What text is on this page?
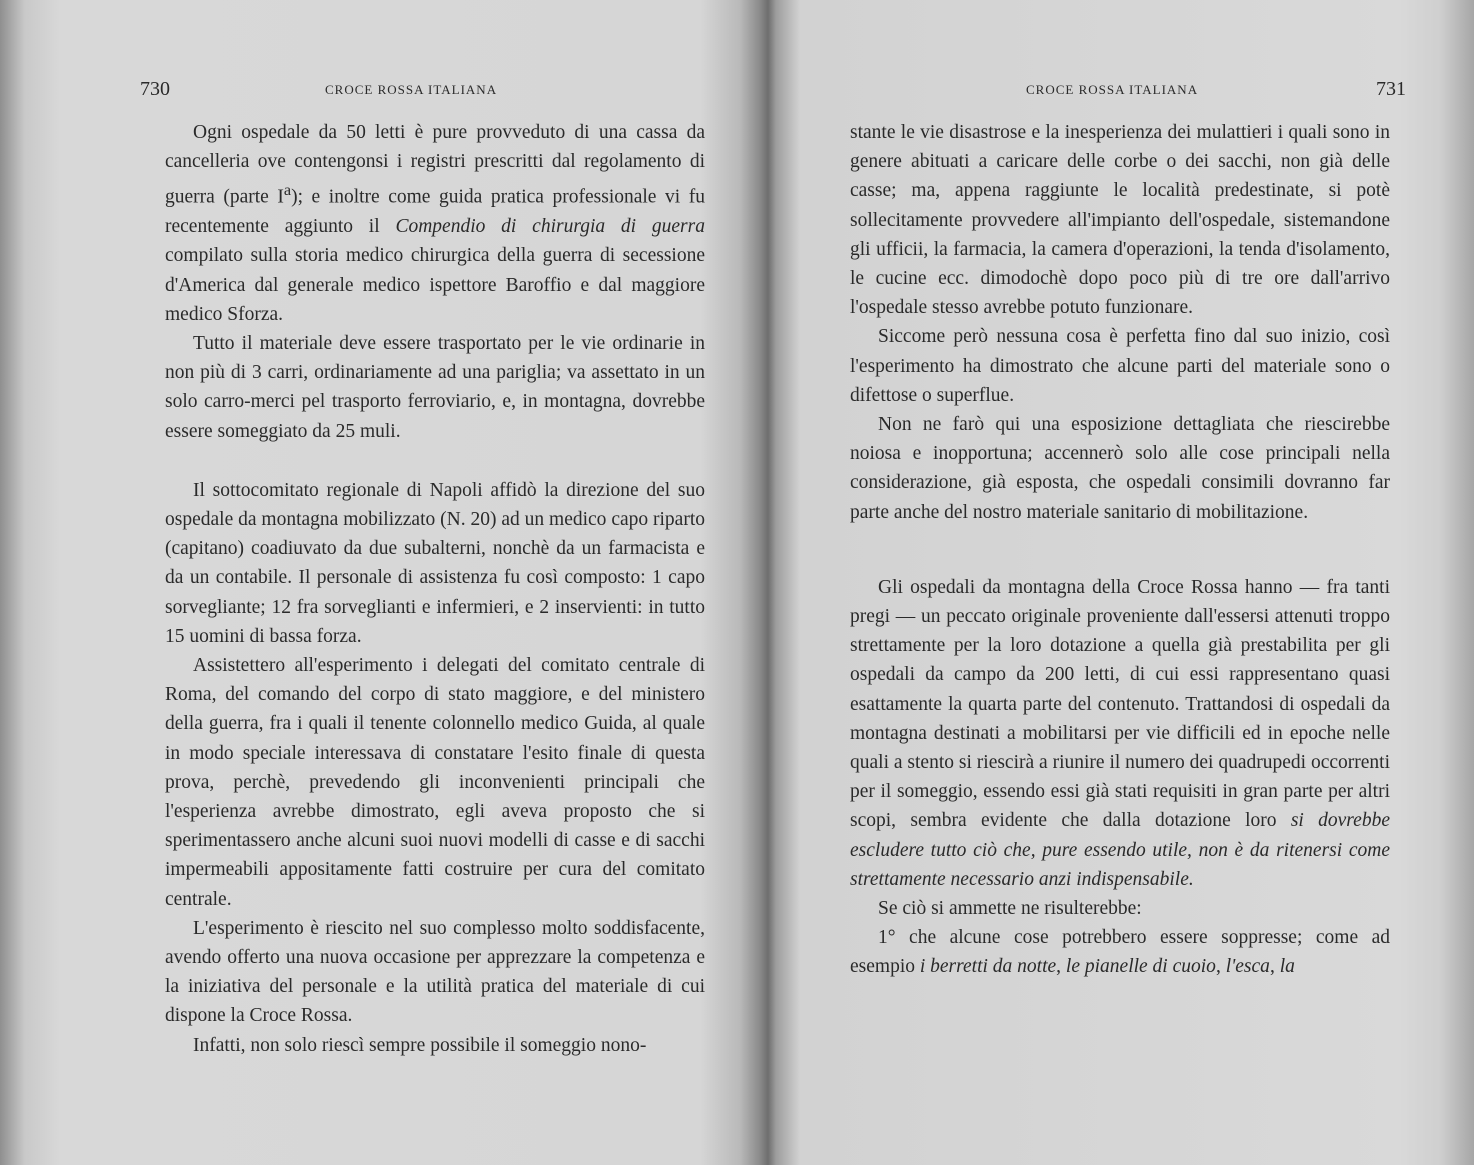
730	CROCE ROSSA ITALIANA

Ogni ospedale da 50 letti è pure provveduto di una cassa da cancelleria ove contengonsi i registri prescritti dal regolamento di guerra (parte $I^a$); e inoltre come guida pratica professionale vi fu recentemente aggiunto il Compendio di chirurgia di guerra compilato sulla storia medico chirurgica della guerra di secessione d'America dal generale medico ispettore Baroffio e dal maggiore medico Sforza.

Tutto il materiale deve essere trasportato per le vie ordinarie in non più di 3 carri, ordinariamente ad una pariglia; va assettato in un solo carro-merci pel trasporto ferroviario, e, in montagna, dovrebbe essere someggiato da 25 muli.

Il sottocomitato regionale di Napoli affidò la direzione del suo ospedale da montagna mobilizzato (N. 20) ad un medico capo riparto (capitano) coadiuvato da due subalterni, nonchè da un farmacista e da un contabile. Il personale di assistenza fu così composto: 1 capo sorvegliante; 12 fra sorveglianti e infermieri, e 2 inservienti: in tutto 15 uomini di bassa forza.

Assistettero all'esperimento i delegati del comitato centrale di Roma, del comando del corpo di stato maggiore, e del ministero della guerra, fra i quali il tenente colonnello medico Guida, al quale in modo speciale interessava di constatare l'esito finale di questa prova, perchè, prevedendo gli inconvenienti principali che l'esperienza avrebbe dimostrato, egli aveva proposto che si sperimentassero anche alcuni suoi nuovi modelli di casse e di sacchi impermeabili appositamente fatti costruire per cura del comitato centrale.

L'esperimento è riescito nel suo complesso molto soddisfacente, avendo offerto una nuova occasione per apprezzare la competenza e la iniziativa del personale e la utilità pratica del materiale di cui dispone la Croce Rossa.

Infatti, non solo riescì sempre possibile il someggio nono-

CROCE ROSSA ITALIANA	731

stante le vie disastrose e la inesperienza dei mulattieri i quali sono in genere abituati a caricare delle corbe o dei sacchi, non già delle casse; ma, appena raggiunte le località predestinate, si potè sollecitamente provvedere all'impianto dell'ospedale, sistemandone gli ufficii, la farmacia, la camera d'operazioni, la tenda d'isolamento, le cucine ecc. dimodochè dopo poco più di tre ore dall'arrivo l'ospedale stesso avrebbe potuto funzionare.

Siccome però nessuna cosa è perfetta fino dal suo inizio, così l'esperimento ha dimostrato che alcune parti del materiale sono o difettose o superflue.

Non ne farò qui una esposizione dettagliata che riescirebbe noiosa e inopportuna; accennerò solo alle cose principali nella considerazione, già esposta, che ospedali consimili dovranno far parte anche del nostro materiale sanitario di mobilitazione.

Gli ospedali da montagna della Croce Rossa hanno — fra tanti pregi — un peccato originale proveniente dall'essersi attenuti troppo strettamente per la loro dotazione a quella già prestabilita per gli ospedali da campo da 200 letti, di cui essi rappresentano quasi esattamente la quarta parte del contenuto. Trattandosi di ospedali da montagna destinati a mobilitarsi per vie difficili ed in epoche nelle quali a stento si riescirà a riunire il numero dei quadrupedi occorrenti per il someggio, essendo essi già stati requisiti in gran parte per altri scopi, sembra evidente che dalla dotazione loro si dovrebbe escludere tutto ciò che, pure essendo utile, non è da ritenersi come strettamente necessario anzi indispensabile.

Se ciò si ammette ne risulterebbe:

1° che alcune cose potrebbero essere soppresse; come ad esempio i berretti da notte, le pianelle di cuoio, l'esca, la
